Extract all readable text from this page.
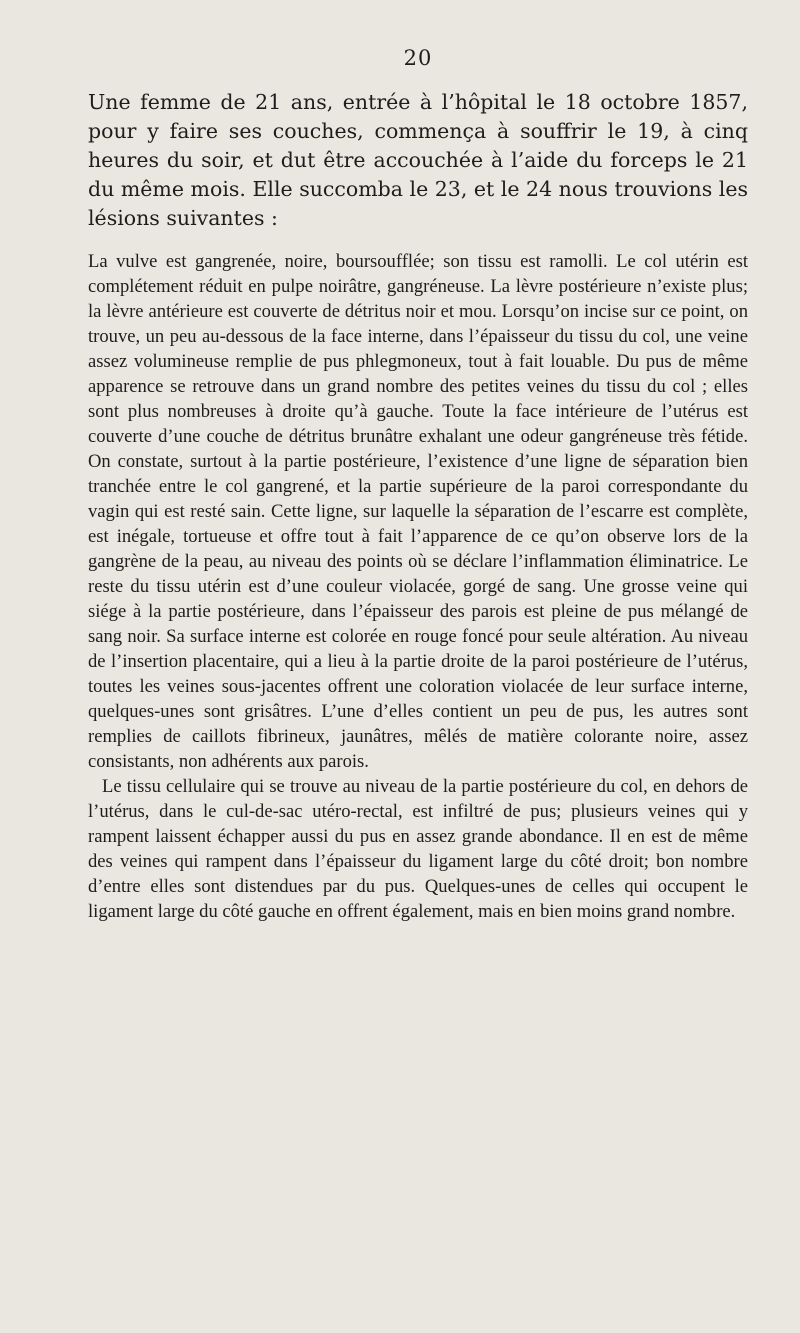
20

Une femme de 21 ans, entrée à l’hôpital le 18 octobre 1857, pour y faire ses couches, commença à souffrir le 19, à cinq heures du soir, et dut être accouchée à l’aide du forceps le 21 du même mois. Elle succomba le 23, et le 24 nous trouvions les lésions suivantes :

La vulve est gangrenée, noire, boursoufflée; son tissu est ramolli. Le col utérin est complétement réduit en pulpe noirâtre, gangréneuse. La lèvre postérieure n’existe plus; la lèvre antérieure est couverte de détritus noir et mou. Lorsqu’on incise sur ce point, on trouve, un peu au-dessous de la face interne, dans l’épaisseur du tissu du col, une veine assez volumineuse remplie de pus phlegmoneux, tout à fait louable. Du pus de même apparence se retrouve dans un grand nombre des petites veines du tissu du col ; elles sont plus nombreuses à droite qu’à gauche. Toute la face intérieure de l’utérus est couverte d’une couche de détritus brunâtre exhalant une odeur gangréneuse très fétide. On constate, surtout à la partie postérieure, l’existence d’une ligne de séparation bien tranchée entre le col gangrené, et la partie supérieure de la paroi correspondante du vagin qui est resté sain. Cette ligne, sur laquelle la séparation de l’escarre est complète, est inégale, tortueuse et offre tout à fait l’apparence de ce qu’on observe lors de la gangrène de la peau, au niveau des points où se déclare l’inflammation éliminatrice. Le reste du tissu utérin est d’une couleur violacée, gorgé de sang. Une grosse veine qui siége à la partie postérieure, dans l’épaisseur des parois est pleine de pus mélangé de sang noir. Sa surface interne est colorée en rouge foncé pour seule altération. Au niveau de l’insertion placentaire, qui a lieu à la partie droite de la paroi postérieure de l’utérus, toutes les veines sous-jacentes offrent une coloration violacée de leur surface interne, quelques-unes sont grisâtres. L’une d’elles contient un peu de pus, les autres sont remplies de caillots fibrineux, jaunâtres, mêlés de matière colorante noire, assez consistants, non adhérents aux parois.

Le tissu cellulaire qui se trouve au niveau de la partie postérieure du col, en dehors de l’utérus, dans le cul-de-sac utéro-rectal, est infiltré de pus; plusieurs veines qui y rampent laissent échapper aussi du pus en assez grande abondance. Il en est de même des veines qui rampent dans l’épaisseur du ligament large du côté droit; bon nombre d’entre elles sont distendues par du pus. Quelques-unes de celles qui occupent le ligament large du côté gauche en offrent également, mais en bien moins grand nombre.
